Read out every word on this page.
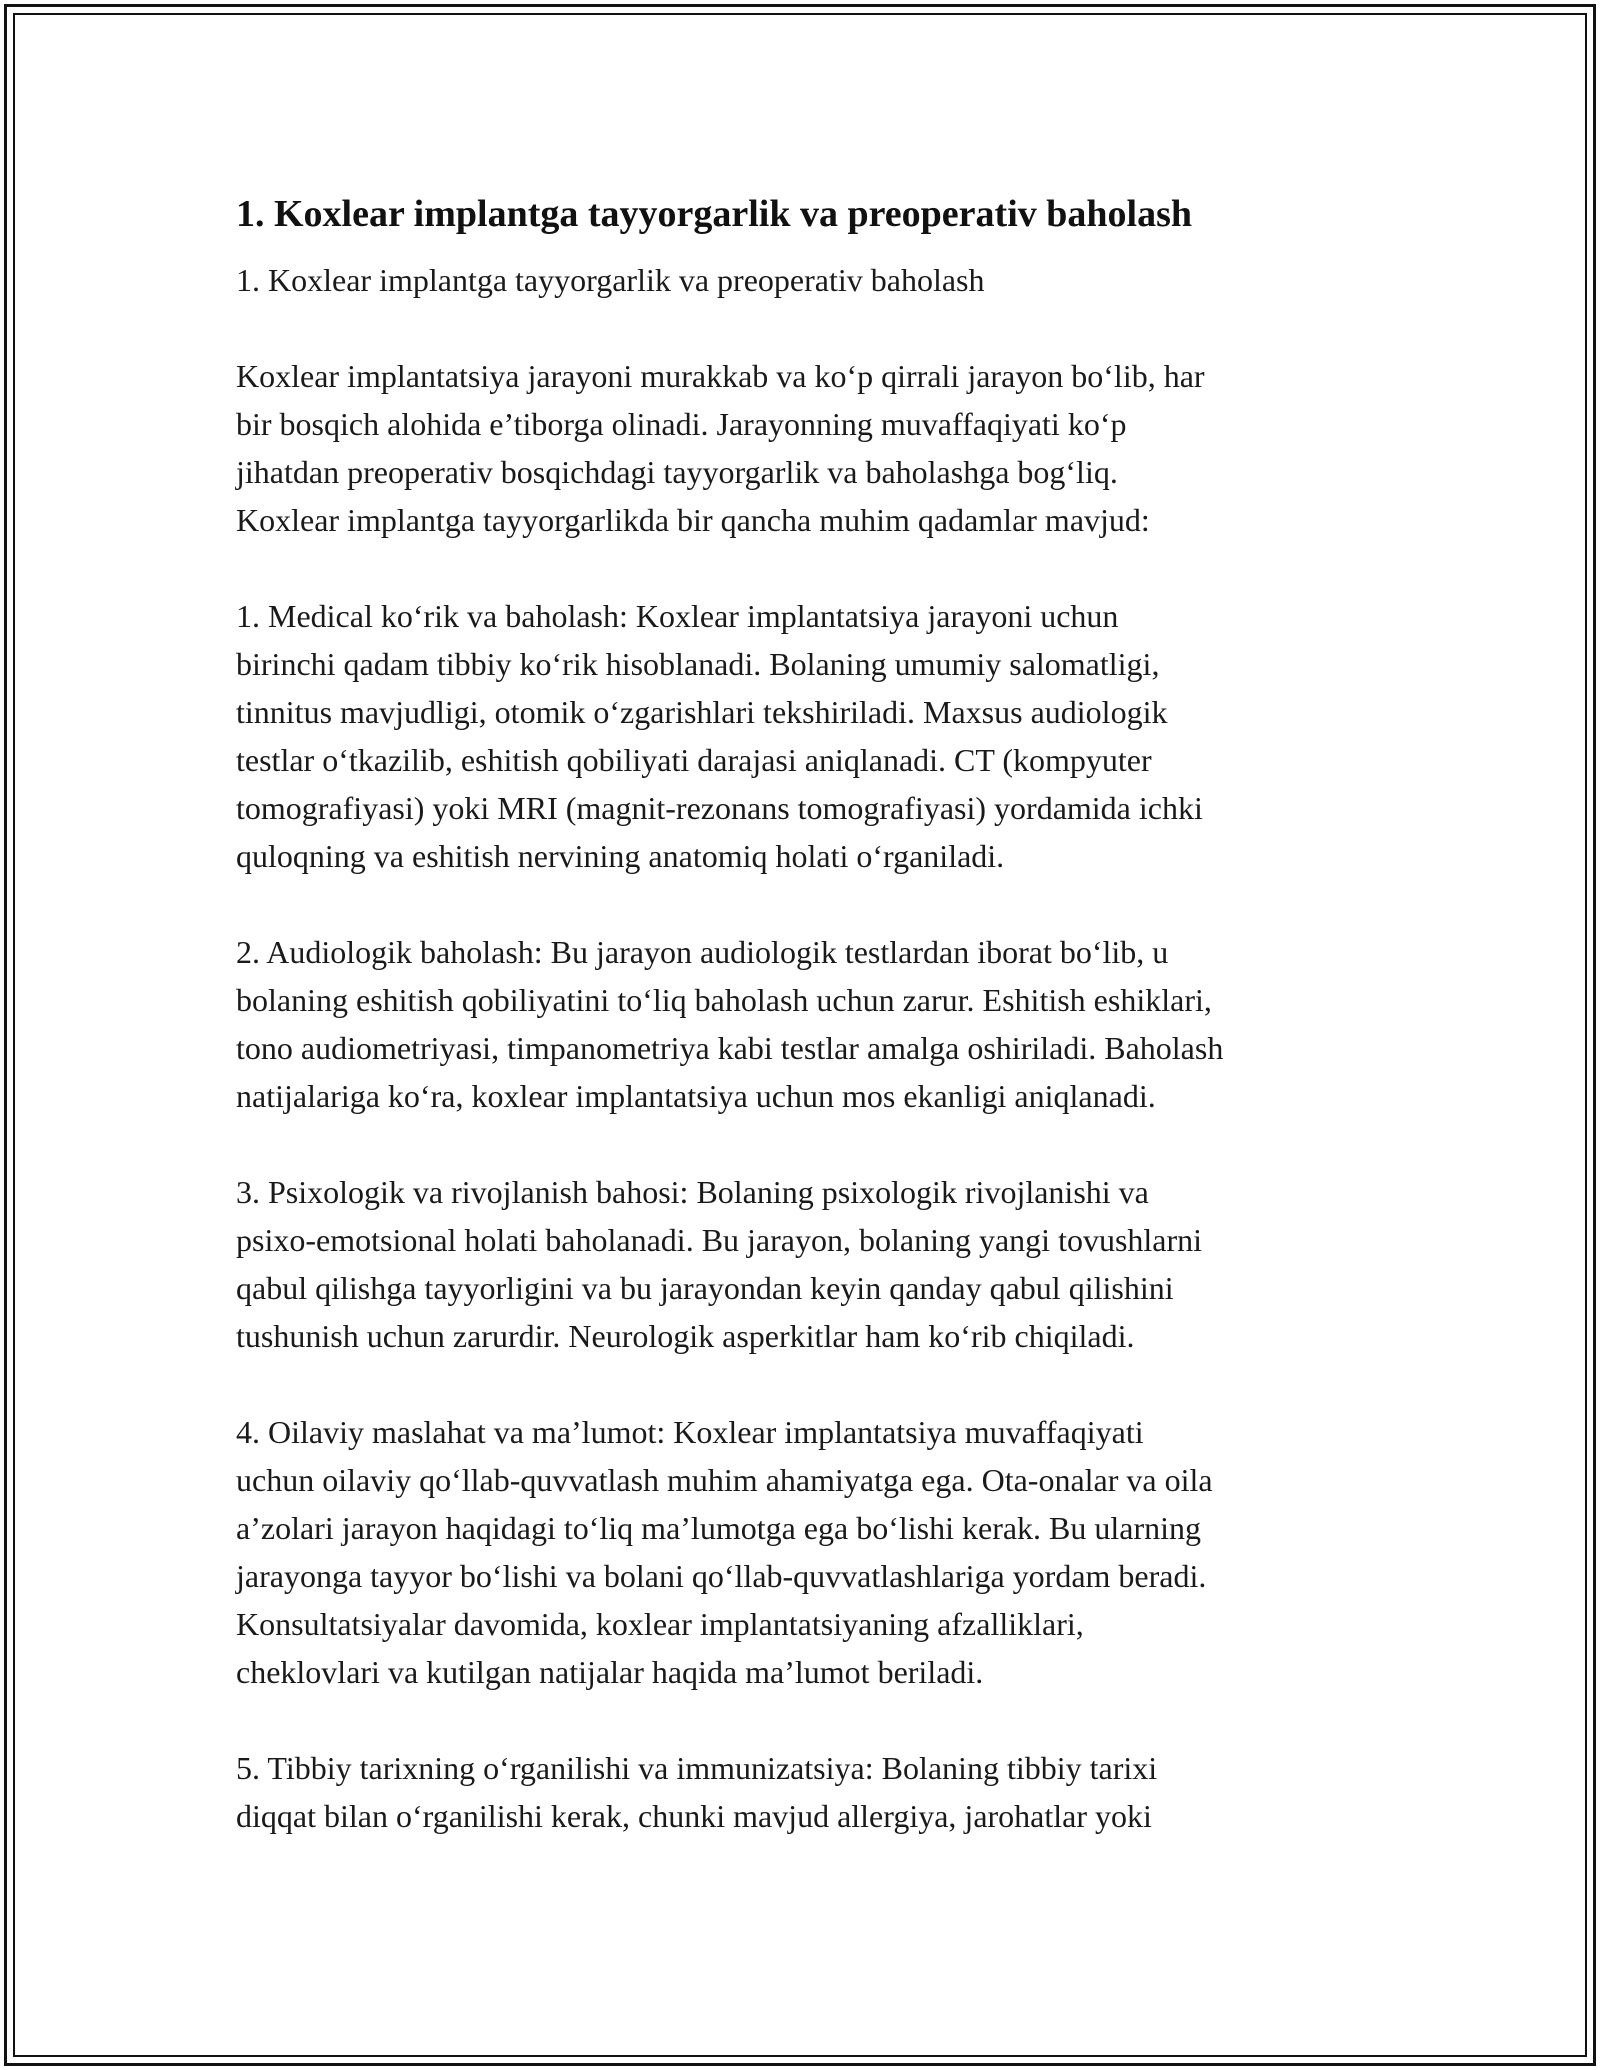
1. Koxlear implantga tayyorgarlik va preoperativ baholash

1. Koxlear implantga tayyorgarlik va preoperativ baholash

Koxlear implantatsiya jarayoni murakkab va ko‘p qirrali jarayon bo‘lib, har
bir bosqich alohida e’tiborga olinadi. Jarayonning muvaffaqiyati ko‘p
jihatdan preoperativ bosqichdagi tayyorgarlik va baholashga bog‘liq.
Koxlear implantga tayyorgarlikda bir qancha muhim qadamlar mavjud:

1. Medical ko‘rik va baholash: Koxlear implantatsiya jarayoni uchun
birinchi qadam tibbiy ko‘rik hisoblanadi. Bolaning umumiy salomatligi,
tinnitus mavjudligi, otomik o‘zgarishlari tekshiriladi. Maxsus audiologik
testlar o‘tkazilib, eshitish qobiliyati darajasi aniqlanadi. CT (kompyuter
tomografiyasi) yoki MRI (magnit-rezonans tomografiyasi) yordamida ichki
quloqning va eshitish nervining anatomiq holati o‘rganiladi.

2. Audiologik baholash: Bu jarayon audiologik testlardan iborat bo‘lib, u
bolaning eshitish qobiliyatini to‘liq baholash uchun zarur. Eshitish eshiklari,
tono audiometriyasi, timpanometriya kabi testlar amalga oshiriladi. Baholash
natijalariga ko‘ra, koxlear implantatsiya uchun mos ekanligi aniqlanadi.

3. Psixologik va rivojlanish bahosi: Bolaning psixologik rivojlanishi va
psixo-emotsional holati baholanadi. Bu jarayon, bolaning yangi tovushlarni
qabul qilishga tayyorligini va bu jarayondan keyin qanday qabul qilishini
tushunish uchun zarurdir. Neurologik asperkitlar ham ko‘rib chiqiladi.

4. Oilaviy maslahat va ma’lumot: Koxlear implantatsiya muvaffaqiyati
uchun oilaviy qo‘llab-quvvatlash muhim ahamiyatga ega. Ota-onalar va oila
a’zolari jarayon haqidagi to‘liq ma’lumotga ega bo‘lishi kerak. Bu ularning
jarayonga tayyor bo‘lishi va bolani qo‘llab-quvvatlashlariga yordam beradi.
Konsultatsiyalar davomida, koxlear implantatsiyaning afzalliklari,
cheklovlari va kutilgan natijalar haqida ma’lumot beriladi.

5. Tibbiy tarixning o‘rganilishi va immunizatsiya: Bolaning tibbiy tarixi
diqqat bilan o‘rganilishi kerak, chunki mavjud allergiya, jarohatlar yoki
